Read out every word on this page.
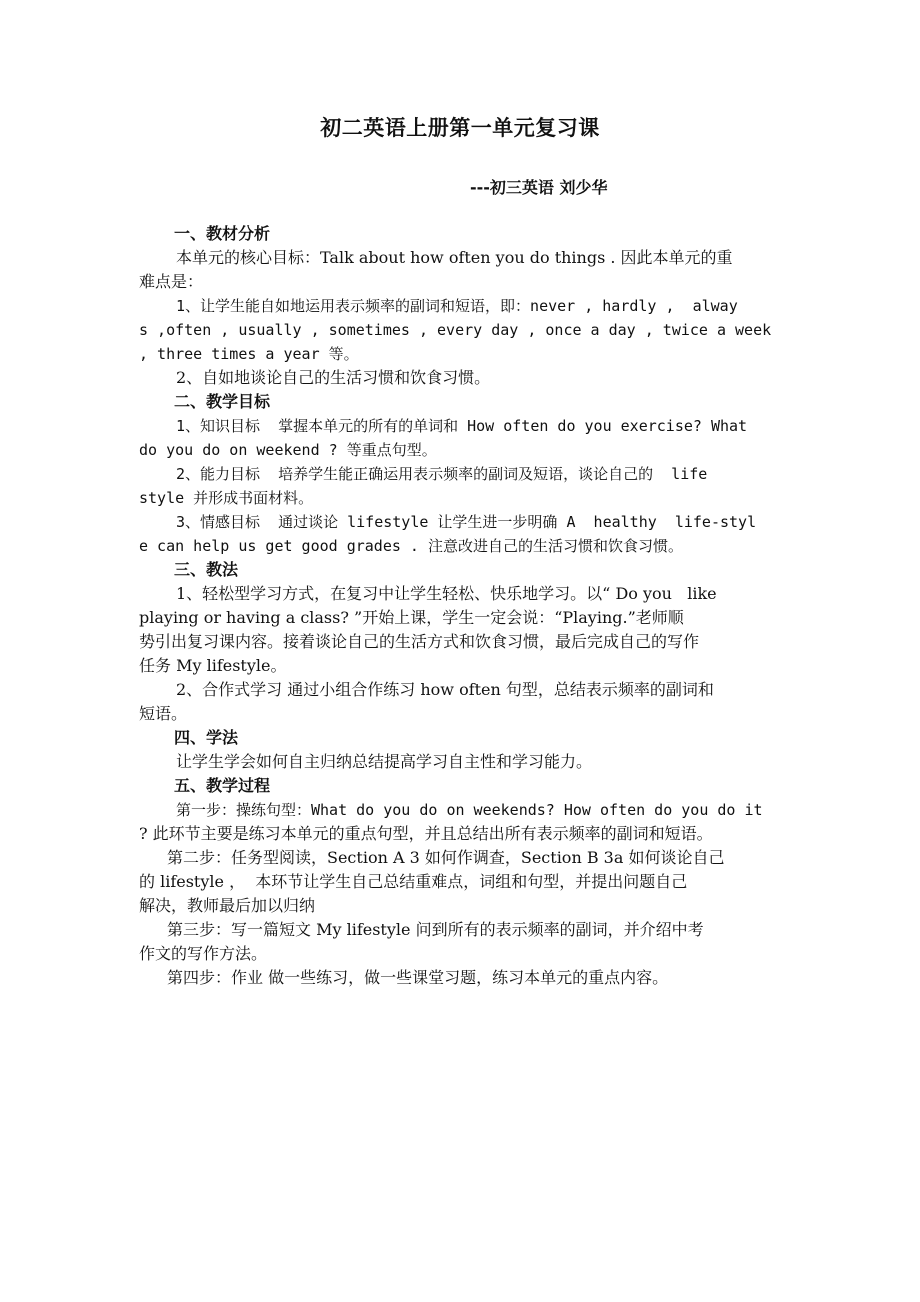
初二英语上册第一单元复习课
---初三英语 刘少华
一、教材分析
本单元的核心目标：Talk about how often you do things . 因此本单元的重
难点是：
1、让学生能自如地运用表示频率的副词和短语，即：never , hardly ,  alway
s ,often , usually , sometimes , every day , once a day , twice a week
, three times a year 等。
2、自如地谈论自己的生活习惯和饮食习惯。
二、教学目标
1、知识目标  掌握本单元的所有的单词和 How often do you exercise? What
do you do on weekend ? 等重点句型。
2、能力目标  培养学生能正确运用表示频率的副词及短语，谈论自己的  life
style 并形成书面材料。
3、情感目标  通过谈论 lifestyle 让学生进一步明确 A  healthy  life-styl
e can help us get good grades . 注意改进自己的生活习惯和饮食习惯。
三、教法
1、轻松型学习方式，在复习中让学生轻松、快乐地学习。以“ Do you   like
playing or having a class? ”开始上课，学生一定会说：“Playing.”老师顺
势引出复习课内容。接着谈论自己的生活方式和饮食习惯，最后完成自己的写作
任务 My lifestyle。
2、合作式学习 通过小组合作练习 how often 句型，总结表示频率的副词和
短语。
四、学法
让学生学会如何自主归纳总结提高学习自主性和学习能力。
五、教学过程
第一步：操练句型：What do you do on weekends? How often do you do it
? 此环节主要是练习本单元的重点句型，并且总结出所有表示频率的副词和短语。
第二步：任务型阅读，Section A 3 如何作调查，Section B 3a 如何谈论自己
的 lifestyle ，  本环节让学生自己总结重难点，词组和句型，并提出问题自己
解决，教师最后加以归纳
第三步：写一篇短文 My lifestyle 问到所有的表示频率的副词，并介绍中考
作文的写作方法。
第四步：作业 做一些练习，做一些课堂习题，练习本单元的重点内容。
